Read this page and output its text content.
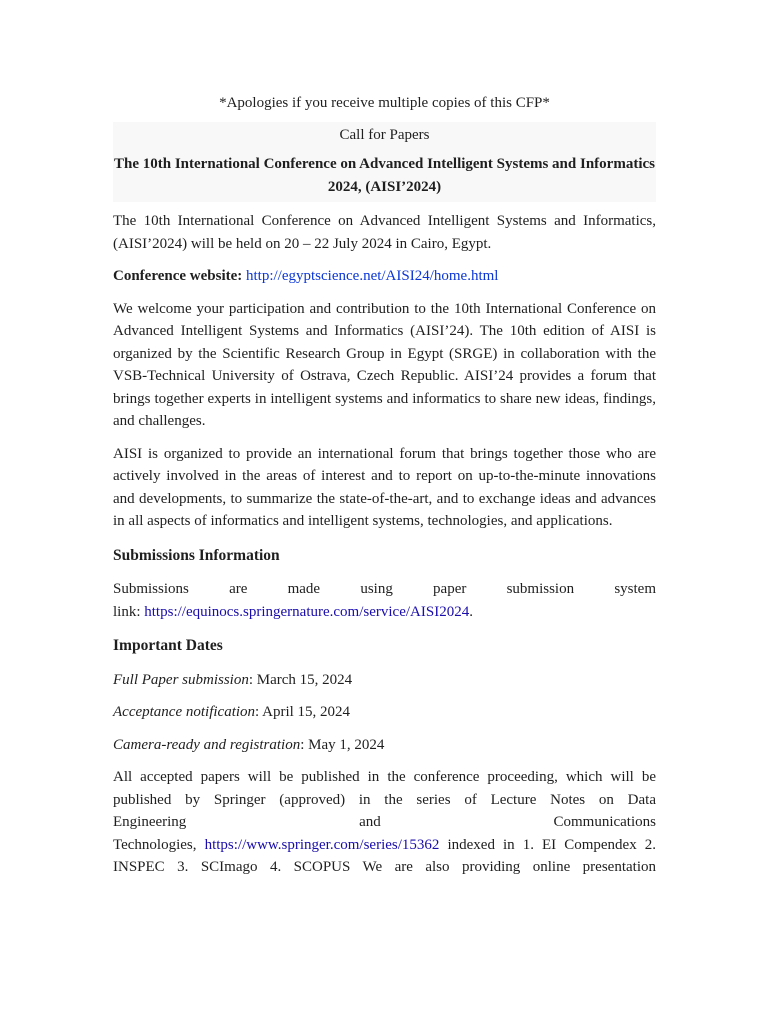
*Apologies if you receive multiple copies of this CFP*

Call for Papers

The 10th International Conference on Advanced Intelligent Systems and Informatics 2024, (AISI’2024)

The 10th International Conference on Advanced Intelligent Systems and Informatics, (AISI’2024) will be held on 20 – 22 July 2024 in Cairo, Egypt.

Conference website: http://egyptscience.net/AISI24/home.html

We welcome your participation and contribution to the 10th International Conference on Advanced Intelligent Systems and Informatics (AISI’24). The 10th edition of AISI is organized by the Scientific Research Group in Egypt (SRGE) in collaboration with the VSB-Technical University of Ostrava, Czech Republic. AISI’24 provides a forum that brings together experts in intelligent systems and informatics to share new ideas, findings, and challenges.

AISI is organized to provide an international forum that brings together those who are actively involved in the areas of interest and to report on up-to-the-minute innovations and developments, to summarize the state-of-the-art, and to exchange ideas and advances in all aspects of informatics and intelligent systems, technologies, and applications.

Submissions Information

Submissions	are	made	using	paper	submission	system
link: https://equinocs.springernature.com/service/AISI2024.

Important Dates

Full Paper submission: March 15, 2024

Acceptance notification: April 15, 2024

Camera-ready and registration: May 1, 2024

All accepted papers will be published in the conference proceeding, which will be published by Springer (approved) in the series of Lecture Notes on Data
Engineering	and	Communications
Technologies, https://www.springer.com/series/15362 indexed in 1. EI Compendex 2. INSPEC 3. SCImago 4. SCOPUS We are also providing online presentation
